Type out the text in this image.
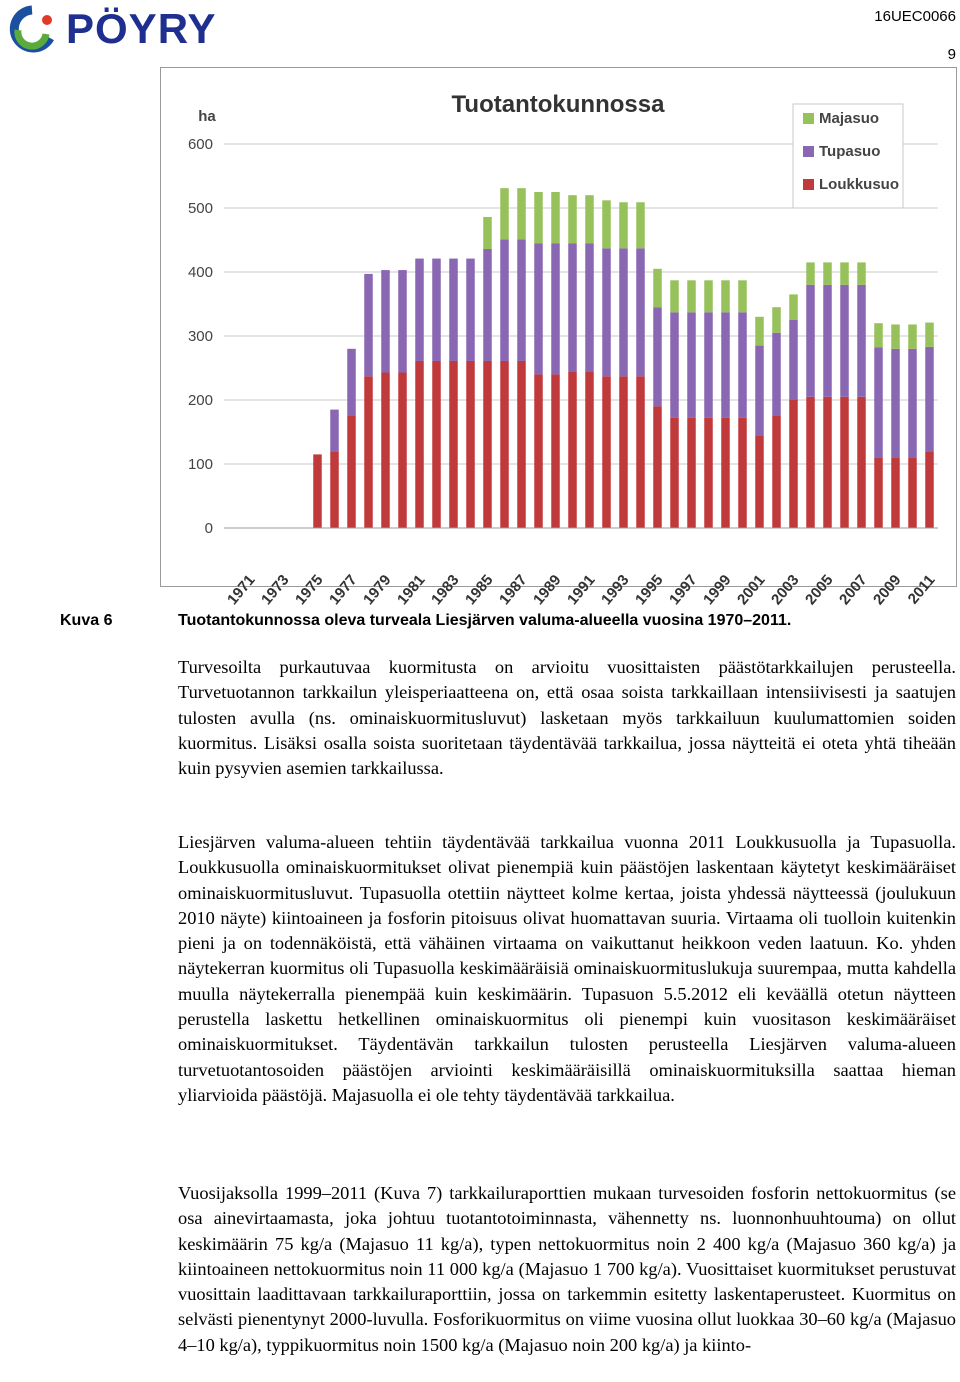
PÖYRY	16UEC0066
9
0
100
200
300
400
500
600
ha	Tuotantokunnossa
1971 1973 1975 1977 1979 1981 1983 1985 1987 1989 1991 1993 1995 1997 1999 2001 2003 2005 2007 2009 2011
Majasuo
Tupasuo
Loukkusuo
Kuva 6	Tuotantokunnossa oleva turveala Liesjärven valuma-alueella vuosina 1970–2011.

Turvesoilta purkautuvaa kuormitusta on arvioitu vuosittaisten päästötarkkailujen perusteella. Turvetuotannon tarkkailun yleisperiaatteena on, että osaa soista tarkkaillaan intensiivisesti ja saatujen tulosten avulla (ns. ominaiskuormitusluvut) lasketaan myös tarkkailuun kuulumattomien soiden kuormitus. Lisäksi osalla soista suoritetaan täydentävää tarkkailua, jossa näytteitä ei oteta yhtä tiheään kuin pysyvien asemien tarkkailussa.

Liesjärven valuma-alueen tehtiin täydentävää tarkkailua vuonna 2011 Loukkusuolla ja Tupasuolla. Loukkusuolla ominaiskuormitukset olivat pienempiä kuin päästöjen laskentaan käytetyt keskimääräiset ominaiskuormitusluvut. Tupasuolla otettiin näytteet kolme kertaa, joista yhdessä näytteessä (joulukuun 2010 näyte) kiintoaineen ja fosforin pitoisuus olivat huomattavan suuria. Virtaama oli tuolloin kuitenkin pieni ja on todennäköistä, että vähäinen virtaama on vaikuttanut heikkoon veden laatuun. Ko. yhden näytekerran kuormitus oli Tupasuolla keskimääräisiä ominaiskuormituslukuja suurempaa, mutta kahdella muulla näytekerralla pienempää kuin keskimäärin. Tupasuon 5.5.2012 eli keväällä otetun näytteen perustella laskettu hetkellinen ominaiskuormitus oli pienempi kuin vuositason keskimääräiset ominaiskuormitukset. Täydentävän tarkkailun tulosten perusteella Liesjärven valuma-alueen turvetuotantosoiden päästöjen arviointi keskimääräisillä ominaiskuormituksilla saattaa hieman yliarvioida päästöjä. Majasuolla ei ole tehty täydentävää tarkkailua.

Vuosijaksolla 1999–2011 (Kuva 7) tarkkailuraporttien mukaan turvesoiden fosforin nettokuormitus (se osa ainevirtaamasta, joka johtuu tuotantotoiminnasta, vähennetty ns. luonnonhuuhtouma) on ollut keskimäärin 75 kg/a (Majasuo 11 kg/a), typen nettokuormitus noin 2 400 kg/a (Majasuo 360 kg/a) ja kiintoaineen nettokuormitus noin 11 000 kg/a (Majasuo 1 700 kg/a). Vuosittaiset kuormitukset perustuvat vuosittain laadittavaan tarkkailuraporttiin, jossa on tarkemmin esitetty laskentaperusteet. Kuormitus on selvästi pienentynyt 2000-luvulla. Fosforikuormitus on viime vuosina ollut luokkaa 30–60 kg/a (Majasuo 4–10 kg/a), typpikuormitus noin 1500 kg/a (Majasuo noin 200 kg/a) ja kiinto-
